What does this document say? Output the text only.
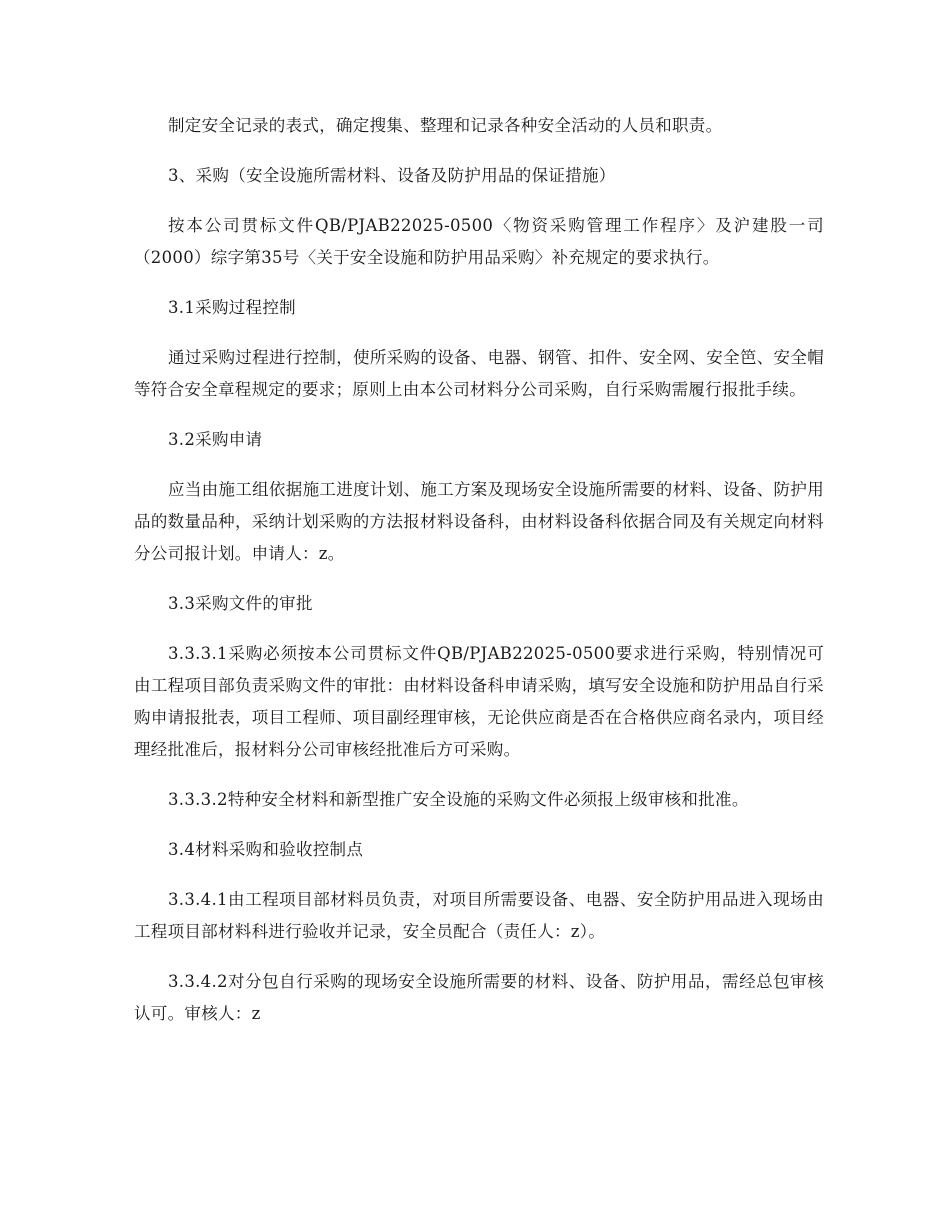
制定安全记录的表式，确定搜集、整理和记录各种安全活动的人员和职责。

3、采购（安全设施所需材料、设备及防护用品的保证措施）

按本公司贯标文件QB/PJAB22025-0500〈物资采购管理工作程序〉及沪建股一司（2000）综字第35号〈关于安全设施和防护用品采购〉补充规定的要求执行。

3.1采购过程控制

通过采购过程进行控制，使所采购的设备、电器、钢管、扣件、安全网、安全笆、安全帽等符合安全章程规定的要求；原则上由本公司材料分公司采购，自行采购需履行报批手续。

3.2采购申请

应当由施工组依据施工进度计划、施工方案及现场安全设施所需要的材料、设备、防护用品的数量品种，采纳计划采购的方法报材料设备科，由材料设备科依据合同及有关规定向材料分公司报计划。申请人：z。

3.3采购文件的审批

3.3.3.1采购必须按本公司贯标文件QB/PJAB22025-0500要求进行采购，特别情况可由工程项目部负责采购文件的审批：由材料设备科申请采购，填写安全设施和防护用品自行采购申请报批表，项目工程师、项目副经理审核，无论供应商是否在合格供应商名录内，项目经理经批准后，报材料分公司审核经批准后方可采购。

3.3.3.2特种安全材料和新型推广安全设施的采购文件必须报上级审核和批准。

3.4材料采购和验收控制点

3.3.4.1由工程项目部材料员负责，对项目所需要设备、电器、安全防护用品进入现场由工程项目部材料科进行验收并记录，安全员配合（责任人：z）。

3.3.4.2对分包自行采购的现场安全设施所需要的材料、设备、防护用品，需经总包审核认可。审核人：z
